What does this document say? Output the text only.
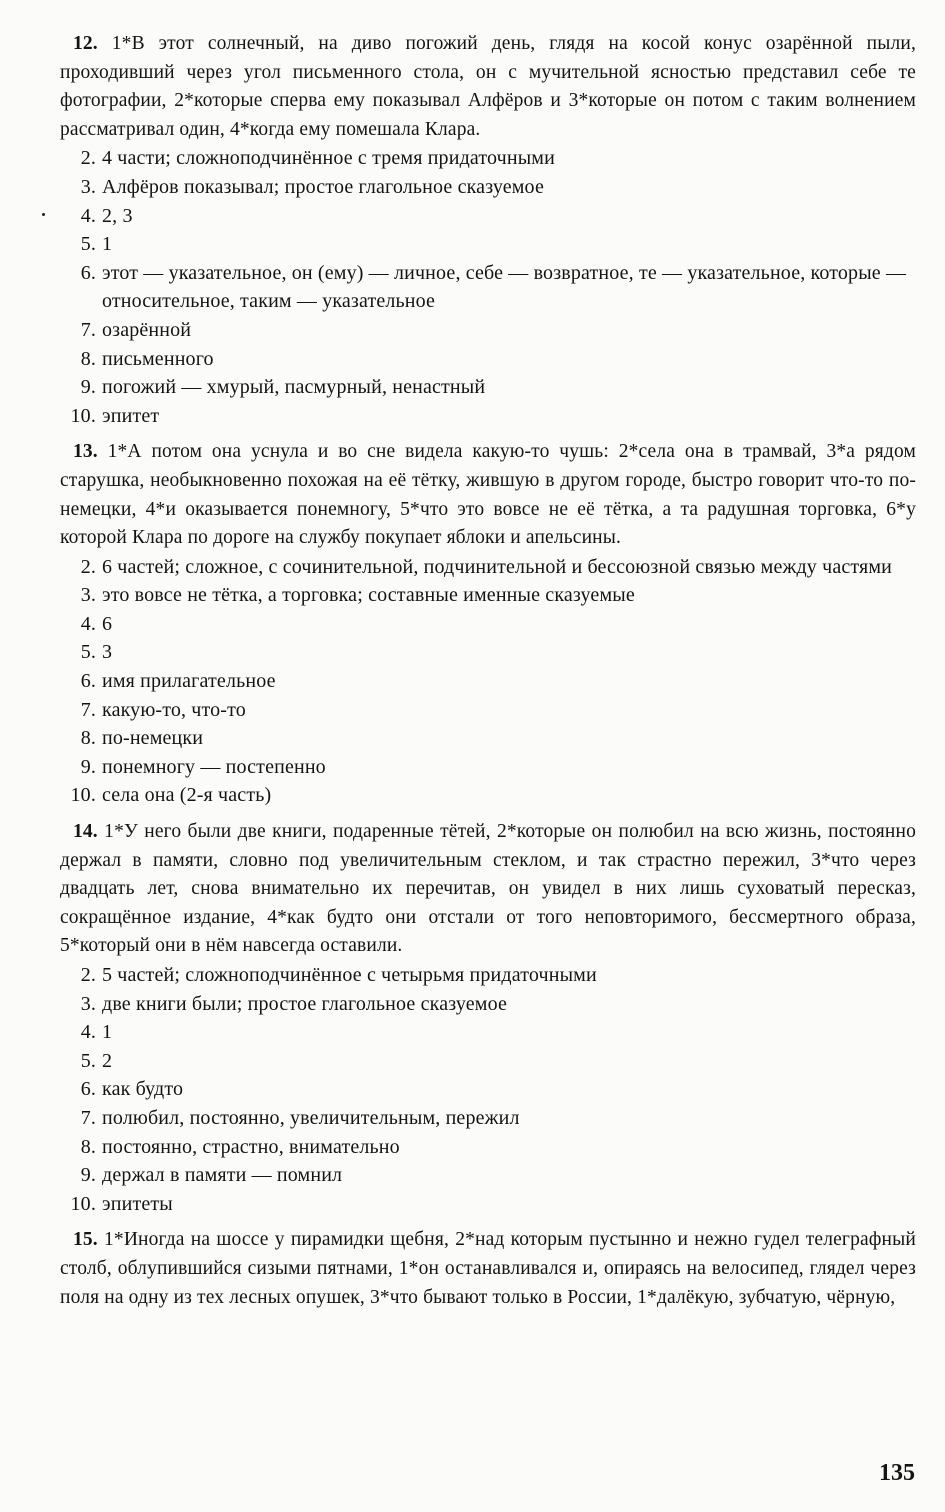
12. 1*В этот солнечный, на диво погожий день, глядя на косой конус озарённой пыли, проходивший через угол письменного стола, он с мучительной ясностью представил себе те фотографии, 2*которые сперва ему показывал Алфёров и 3*которые он потом с таким волнением рассматривал один, 4*когда ему помешала Клара.
2 . 4 части; сложноподчинённое с тремя придаточными
3 . Алфёров показывал; простое глагольное сказуемое
4 . 2, 3
5 . 1
6 . этот — указательное, он (ему) — личное, себе — возвратное, те — указательное, которые — относительное, таким — указательное
7 . озарённой
8 . письменного
9 . погожий — хмурый, пасмурный, ненастный
10 . эпитет
13. 1*А потом она уснула и во сне видела какую-то чушь: 2*села она в трамвай, 3*а рядом старушка, необыкновенно похожая на её тётку, жившую в другом городе, быстро говорит что-то по-немецки, 4*и оказывается понемногу, 5*что это вовсе не её тётка, а та радушная торговка, 6*у которой Клара по дороге на службу покупает яблоки и апельсины.
2 . 6 частей; сложное, с сочинительной, подчинительной и бессоюзной связью между частями
3 . это вовсе не тётка, а торговка; составные именные сказуемые
4 . 6
5 . 3
6 . имя прилагательное
7 . какую-то, что-то
8 . по-немецки
9 . понемногу — постепенно
10 . села она (2-я часть)
14. 1*У него были две книги, подаренные тётей, 2*которые он полюбил на всю жизнь, постоянно держал в памяти, словно под увеличительным стеклом, и так страстно пережил, 3*что через двадцать лет, снова внимательно их перечитав, он увидел в них лишь суховатый пересказ, сокращённое издание, 4*как будто они отстали от того неповторимого, бессмертного образа, 5*который они в нём навсегда оставили.
2 . 5 частей; сложноподчинённое с четырьмя придаточными
3 . две книги были; простое глагольное сказуемое
4 . 1
5 . 2
6 . как будто
7 . полюбил, постоянно, увеличительным, пережил
8 . постоянно, страстно, внимательно
9 . держал в памяти — помнил
10 . эпитеты
15. 1*Иногда на шоссе у пирамидки щебня, 2*над которым пустынно и нежно гудел телеграфный столб, облупившийся сизыми пятнами, 1*он останавливался и, опираясь на велосипед, глядел через поля на одну из тех лесных опушек, 3*что бывают только в России, 1*далёкую, зубчатую, чёрную,
135
